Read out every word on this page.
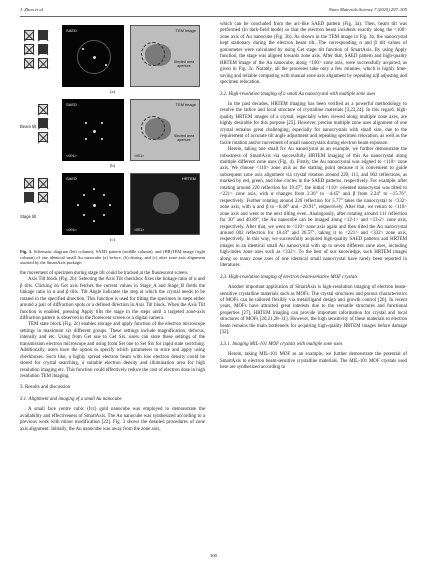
J. Zhou et al.	Nano Materials Science 7 (2025) 297–305
SAED	TEM image
Slected area aperture
(a)
Beam tilt
SAED
<001>
TEM image
Slected area aperture
<001>
(b)
Stage tilt
SAED
<001>
HRTEM
<001>
(c)
Fig. 3. Schematic diagram (left column), SAED pattern (middle column), and (HR)TEM image (right column) of one identical small Au nanocube (a) before, (b) during, and (c) after zone axis alignment assisted by the SmartAxis package.
the movement of specimen during stage tilt could be tracked at the fluorescent screen.
Axis Tilt block (Fig. 2b): Selecting the Axis Tilt checkbox fixes the linkage ratio of α and β tilts. Clicking on Get axis fetches the current values in Stage_A and Stage_B fields the linkage ratio in α and β tilts. Tilt Angle indicates the step at which the crystal needs to be rotated in the specified direction. This function is used for tilting the specimen in steps either around a pair of diffraction spots or a defined direction in Axis Tilt block. When the Axis Tilt function is enabled, pressing Apply tilts the stage in the steps until a targeted zone-axis diffraction pattern is observed in the florescent screen or a digital camera.
TEM state block (Fig. 2c) enables storage and apply function of the electron microscope settings in maximum six different groups. These settings include magnification, defocus, intensity and etc. Using from Get one to Get Six, users can store these settings of the transmission electron microscope and using from Set one to Set Six for rapid state switching. Additionally, users have the option to specify which parameters to store and apply using checkboxes. Such like, a highly spread electron beam with low electron density could be stored for crystal searching, a suitable electron density and illumination area for high resolution imaging etc. This function could effectively reduce the cost of electron dose in high resolution TEM imaging.
3. Results and discussion
3.1. Alignment and imaging of a small Au nanocube
A small face centre cubic (fcc) gold nanocube was employed to demonstrate the availability and effectiveness of SmartAxis. The Au nanocube was synthesized according to a previous work with minor modification [22]. Fig. 3 shows the detailed procedures of zone axis alignment. Initially, the Au nanocube was away from the zone axis,
which can be concluded from the arc-like SAED pattern (Fig. 3a). Then, beam tilt was performed (in dark-field mode) so that the electron beam incidents exactly along the <100> zone axis of Au nanocube (Fig. 3b). As shown in the TEM image in Fig. 3b, the nanocrystal kept stationary during the electron beam tilt. The corresponding α and β tilt values of goniometer were calculated by using Get stage tilt function of SmartAxis. By using Apply function, the stage was aligned towards zone axis. After that, SAED pattern and high-quality HRTEM image of the Au nanocube, along <100> zone axis, were successfully acquired, as given in Fig. 3c. Notably, all the processes take only a few minutes, which is highly time-saving and reliable comparing with manual zone axis alignment by repeating α/β adjusting and specimen relocation.
3.2. High-resolution imaging of a small Au nanocrystal with multiple zone axes
In the past decades, HRTEM imaging has been verified as a powerful methodology to resolve the lattice and local structure of crystalline materials [3,23,24]. In this regard, high-quality HRTEM images of a crystal, especially when viewed along multiple zone axes, are highly desirable for this purpose [25]. However, precise multiple zone axes alignment of one crystal remains great challenging, especially for nanocrystals with small size, due to the requirement of accurate tilt angle adjustment and repeating specimen relocation, as well as the facile rotation and/or movement of small nanocrystals during electron beam exposure.
Herein, taking one small fcc Au nanocrystal as an example, we further demonstrate the robustness of SmartAxis via successfully HRTEM imaging of this Au nanocrystal along multiple different zone axes (Fig. 4). Firstly, the Au nanocrystal was aligned to <110> zone axis. We choose <110> zone axis as the starting point because it is convenient to guide subsequent zone axis alignment via crystal rotation around 220, 111, and 002 reflections, as marked by red, green, and blue circles in the SAED patterns, respectively. For example, after rotating around 220 reflection for 19.47°, the initial <110> oriented nanocrystal was tilted to <221> zone axis, with α changes from 2.36° to −4.45° and β from 2.24° to −15.76°, respectively. Further rotating around 220 reflection for 5.77° takes the nanocrystal to <332> zone axis, with α and β to −6.40° and −20.91°, respectively. After that, we return to <110> zone axis and went to the next tilting even. Analogously, after rotating around 111 reflection for 30° and 40.89°, the Au nanocube can be imaged along <12-1> and <13-2> zone axis, respectively. After that, we went to <110> zone axis again and then tilted the Au nanocrystal around 002 reflection for 18.43° and 26.57°, taking it to <221> and <332> zone axis, respectively. In this way, we successfully acquired high-quality SAED patterns and HRTEM images in an identical small Au nanocrystal with up to seven different zone axes, including high-index zone axes such as <332>. To the best of our knowledge, such HRTEM images along so many zone axes of one identical small nanocrystal have rarely been reported in literatures.
3.3. High-resolution imaging of electron beam-sensitive MOF crystals
Another important application of SmartAxis is high-resolution imaging of electron beam-sensitive crystalline materials such as MOFs. The crystal structures and porous characteristics of MOFs can be tailored flexibly via metal/ligand design and growth control [26]. In recent years, MOFs have attracted great interests due to the versatile structures and functional properties [27]. HRTEM imaging can provide important information for crystal and local structures of MOFs [20,21,28–31]. However, the high sensitivity of these materials to electron beam remains the main bottleneck for acquiring high-quality HRTEM images before damage [32].
3.3.1. Imaging MIL-101 MOF crystals with multiple zone axes
Herein, taking MIL-101 MOF as an example, we further demonstrate the potential of SmartAxis to electron beam-sensitive crystalline materials. The MIL-101 MOF crystals used here are synthesized according to
300
